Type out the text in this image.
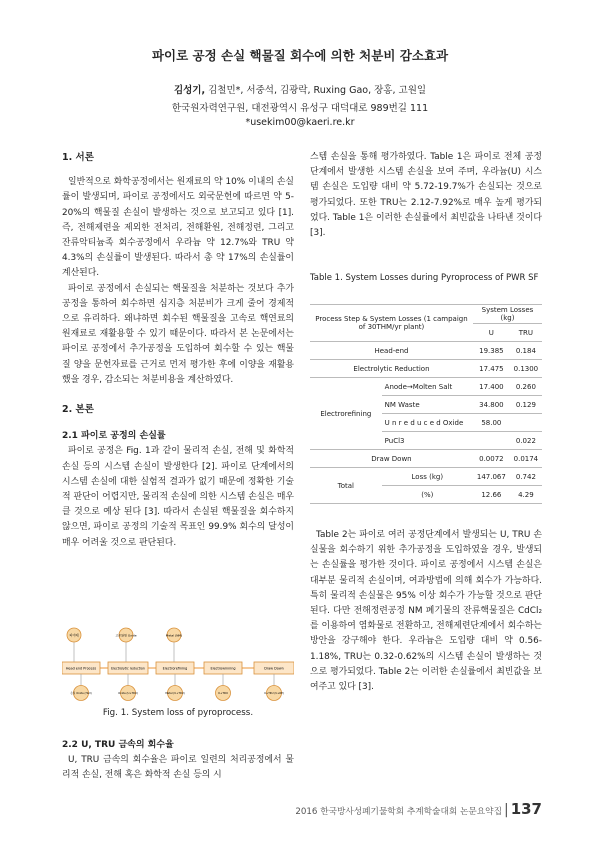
파이로 공정 손실 핵물질 회수에 의한 처분비 감소효과
김성기, 김철민*, 서중석, 김광락, Ruxing Gao, 장홍, 고원일
한국원자력연구원, 대전광역시 유성구 대덕대로 989번길 111
*usekim00@kaeri.re.kr

1. 서론

일반적으로 화학공정에서는 원재료의 약 10% 이내의 손실률이 발생되며, 파이로 공정에서도 외국문헌에 따르면 약 5-20%의 핵물질 손실이 발생하는 것으로 보고되고 있다 [1]. 즉, 전해제련을 제외한 전처리, 전해환원, 전해정련, 그리고 잔류악티늄족 회수공정에서 우라늄 약 12.7%와 TRU 약 4.3%의 손실률이 발생된다. 따라서 총 약 17%의 손실률이 계산된다.

파이로 공정에서 손실되는 핵물질을 처분하는 것보다 추가 공정을 통하여 회수하면 심지층 처분비가 크게 줄어 경제적으로 유리하다. 왜냐하면 회수된 핵물질을 고속로 핵연료의 원재료로 재활용할 수 있기 때문이다. 따라서 본 논문에서는 파이로 공정에서 추가공정을 도입하여 회수할 수 있는 핵물질 양을 문헌자료를 근거로 먼저 평가한 후에 이양을 재활용 했을 경우, 감소되는 처분비용을 계산하였다.

2. 본론

2.1 파이로 공정의 손실률

파이로 공정은 Fig. 1과 같이 물리적 손실, 전해 및 화학적 손실 등의 시스템 손실이 발생한다 [2]. 파이로 단계에서의 시스템 손실에 대한 실험적 결과가 없기 때문에 정확한 기술적 판단이 어렵지만, 물리적 손실에 의한 시스템 손실은 매우 클 것으로 예상 된다 [3]. 따라서 손실된 핵물질을 회수하지 않으면, 파이로 공정의 기술적 목표인 99.9% 회수의 달성이 매우 어려울 것으로 판단된다.

파이배	고온환원 Oxide	Metal (NM)
Head end Process	Electrolytic reduction	Electrorefining	Electrowinning	Draw Down
손실 Oxide (Hull)	Oxide (U+TRU)	Metal (U+TRU)	U+TRU	U+TRU (U+RE)
Fig. 1. System loss of pyroprocess.

2.2 U, TRU 금속의 회수율

U, TRU 금속의 회수율은 파이로 일련의 처리공정에서 물리적 손실, 전해 혹은 화학적 손실 등의 시

스템 손실을 통해 평가하였다. Table 1은 파이로 전체 공정단계에서 발생한 시스템 손실을 보여 주며, 우라늄(U) 시스템 손실은 도입량 대비 약 5.72-19.7%가 손실되는 것으로 평가되었다. 또한 TRU는 2.12-7.92%로 매우 높게 평가되었다. Table 1은 이러한 손실률에서 최빈값을 나타낸 것이다 [3].

Table 1. System Losses during Pyroprocess of PWR SF
Process Step & System Losses (1 campaign of 30THM/yr plant)		System Losses (kg)	
		U	TRU
Head-end		19.385	0.184
Electrolytic Reduction		17.475	0.1300
Electrorefining	Anode→Molten Salt	17.400	0.260
	NM Waste	34.800	0.129
	U n r e d u c e d Oxide	58.00	
	PuCl3		0.022
Draw Down		0.0072	0.0174
Total	Loss (kg)	147.067	0.742
	(%)	12.66	4.29

Table 2는 파이로 여러 공정단계에서 발생되는 U, TRU 손실물을 회수하기 위한 추가공정을 도입하였을 경우, 발생되는 손실률을 평가한 것이다. 파이로 공정에서 시스템 손실은 대부분 물리적 손실이며, 여과방법에 의해 회수가 가능하다. 특히 물리적 손실물은 95% 이상 회수가 가능할 것으로 판단된다. 다만 전해정련공정 NM 폐기물의 잔류핵물질은 CdCl₂를 이용하여 염화물로 전환하고, 전해제련단계에서 회수하는 방안을 강구해야 한다. 우라늄은 도입량 대비 약 0.56-1.18%, TRU는 0.32-0.62%의 시스템 손실이 발생하는 것으로 평가되었다. Table 2는 이러한 손실률에서 최빈값을 보여주고 있다 [3].

2016 한국방사성폐기물학회 추계학술대회 논문요약집 | 137
